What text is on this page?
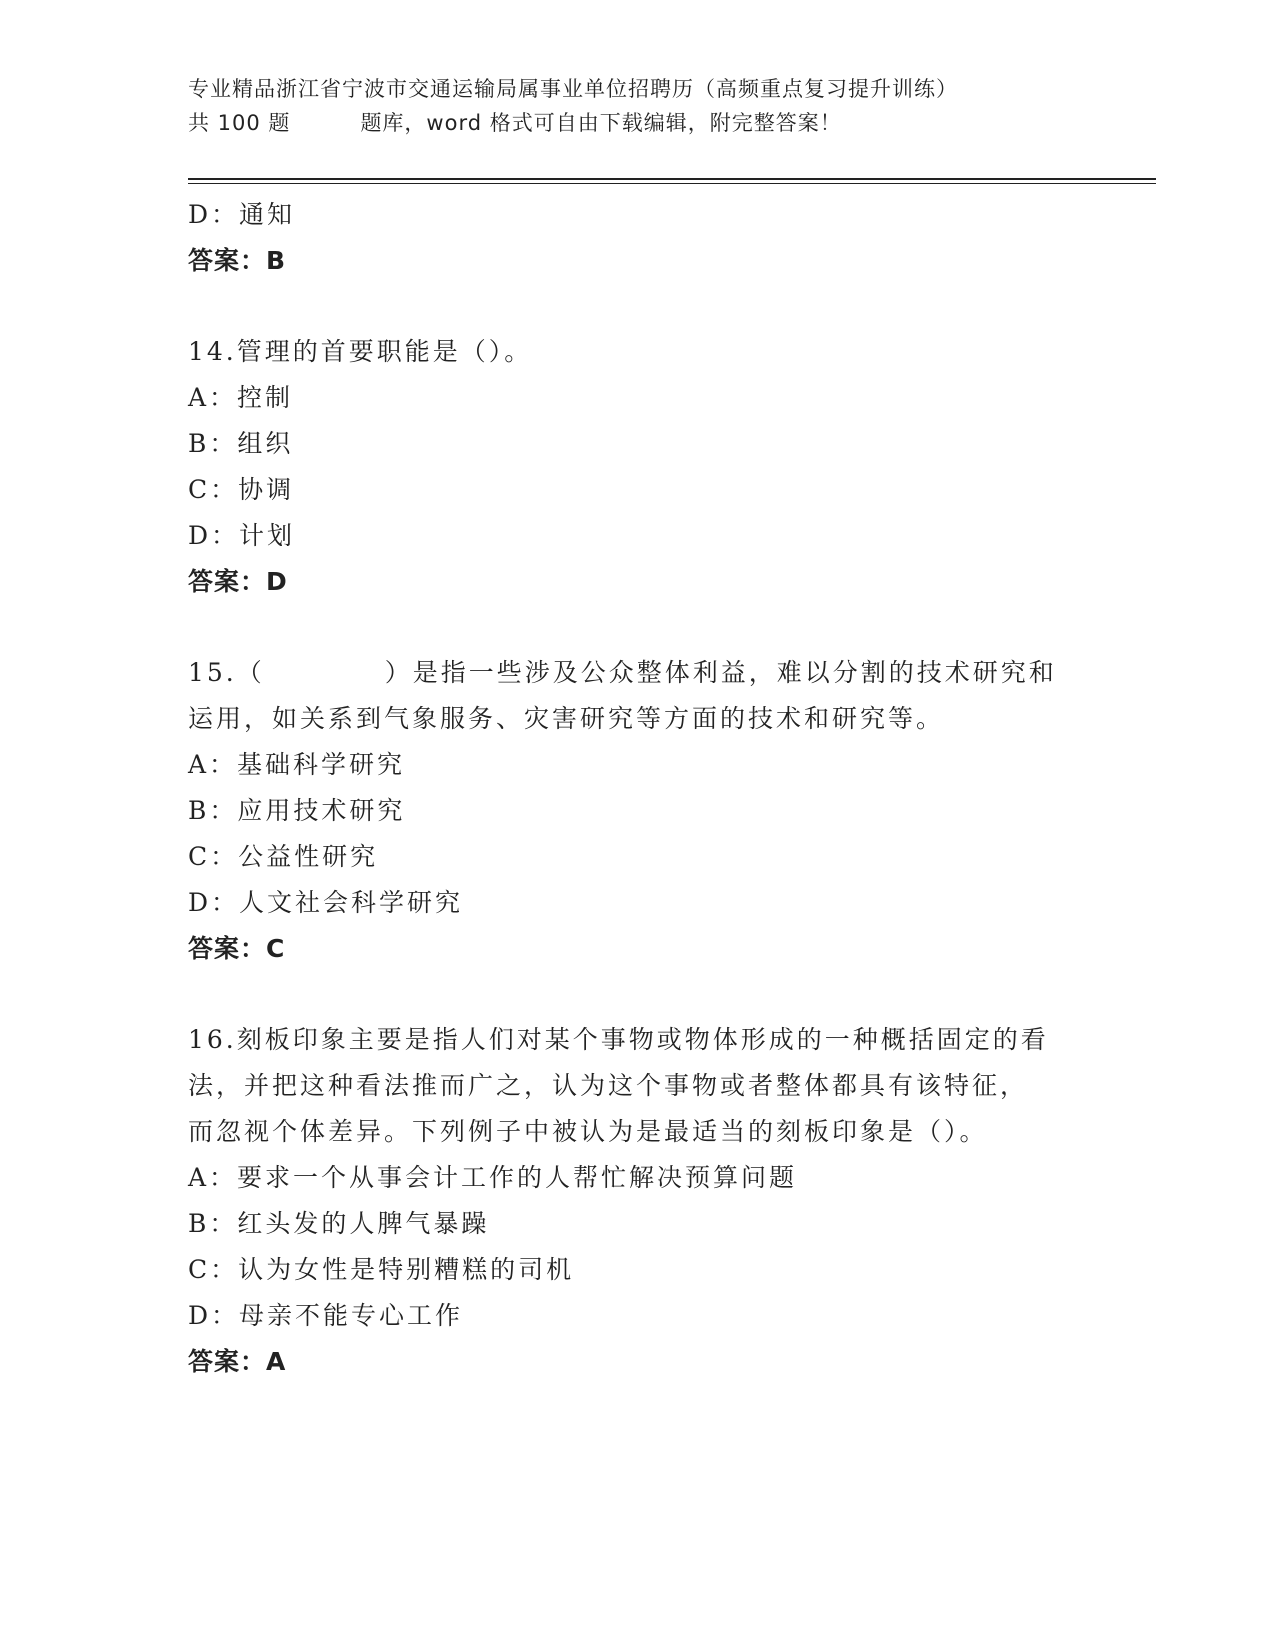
专业精品浙江省宁波市交通运输局属事业单位招聘历（高频重点复习提升训练）
共 100 题	题库，word 格式可自由下载编辑，附完整答案！
D：通知
答案：B
14.管理的首要职能是（）。
A：控制
B：组织
C：协调
D：计划
答案：D
15.（	）是指一些涉及公众整体利益，难以分割的技术研究和
运用，如关系到气象服务、灾害研究等方面的技术和研究等。
A：基础科学研究
B：应用技术研究
C：公益性研究
D：人文社会科学研究
答案：C
16.刻板印象主要是指人们对某个事物或物体形成的一种概括固定的看
法，并把这种看法推而广之，认为这个事物或者整体都具有该特征，
而忽视个体差异。下列例子中被认为是最适当的刻板印象是（）。
A：要求一个从事会计工作的人帮忙解决预算问题
B：红头发的人脾气暴躁
C：认为女性是特别糟糕的司机
D：母亲不能专心工作
答案：A
